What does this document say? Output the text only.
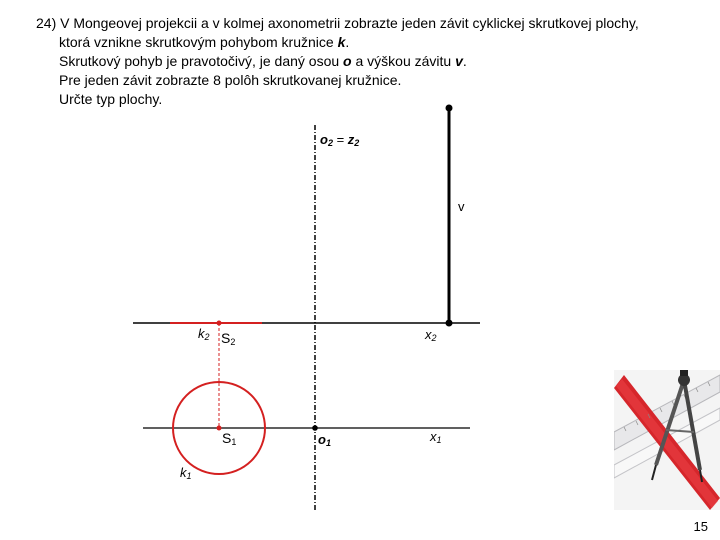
24) V Mongeovej projekcii a v kolmej axonometrii zobrazte jeden závit cyklickej skrutkovej plochy,
ktorá vznikne skrutkovým pohybom kružnice k.
Skrutkový pohyb je pravotočivý, je daný osou o a výškou závitu v.
Pre jeden závit zobrazte 8 polôh skrutkovanej kružnice.
Určte typ plochy.
$o_2 = z_2$
v
$k_2$ $S_2$	$x_2$
$S_1$	$o_1$	$x_1$
$k_1$
15
